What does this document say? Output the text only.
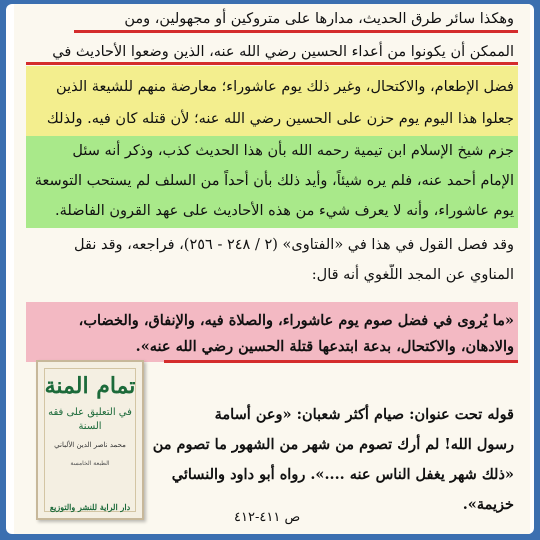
وهكذا سائر طرق الحديث، مدارها على متروكين أو مجهولين، ومن
الممكن أن يكونوا من أعداء الحسين رضي الله عنه، الذين وضعوا الأحاديث في
فضل الإطعام، والاكتحال، وغير ذلك يوم عاشوراء؛ معارضة منهم للشيعة الذين
جعلوا هذا اليوم يوم حزن على الحسين رضي الله عنه؛ لأن قتله كان فيه. ولذلك
جزم شيخ الإسلام ابن تيمية رحمه الله بأن هذا الحديث كذب، وذكر أنه سئل
الإمام أحمد عنه، فلم يره شيئاً، وأيد ذلك بأن أحداً من السلف لم يستحب التوسعة
يوم عاشوراء، وأنه لا يعرف شيء من هذه الأحاديث على عهد القرون الفاضلة.
وقد فصل القول في هذا في «الفتاوى» (٢ / ٢٤٨ - ٢٥٦)، فراجعه، وقد نقل
المناوي عن المجد اللُّغوي أنه قال:
«ما يُروى في فضل صوم يوم عاشوراء، والصلاة فيه، والإنفاق، والخضاب،
والادهان، والاكتحال، بدعة ابتدعها قتلة الحسين رضي الله عنه».
قوله تحت عنوان: صيام أكثر شعبان: «وعن أسامة
رسول الله! لم أرك تصوم من شهر من الشهور ما تصوم من
«ذلك شهر يغفل الناس عنه ....». رواه أبو داود والنسائي
خزيمة».
ص ٤١١-٤١٢
تمام المنة
في التعليق على فقه السنة
محمد ناصر الدين الألباني
الطبعة الخامسة
دار الراية للنشر والتوزيع
